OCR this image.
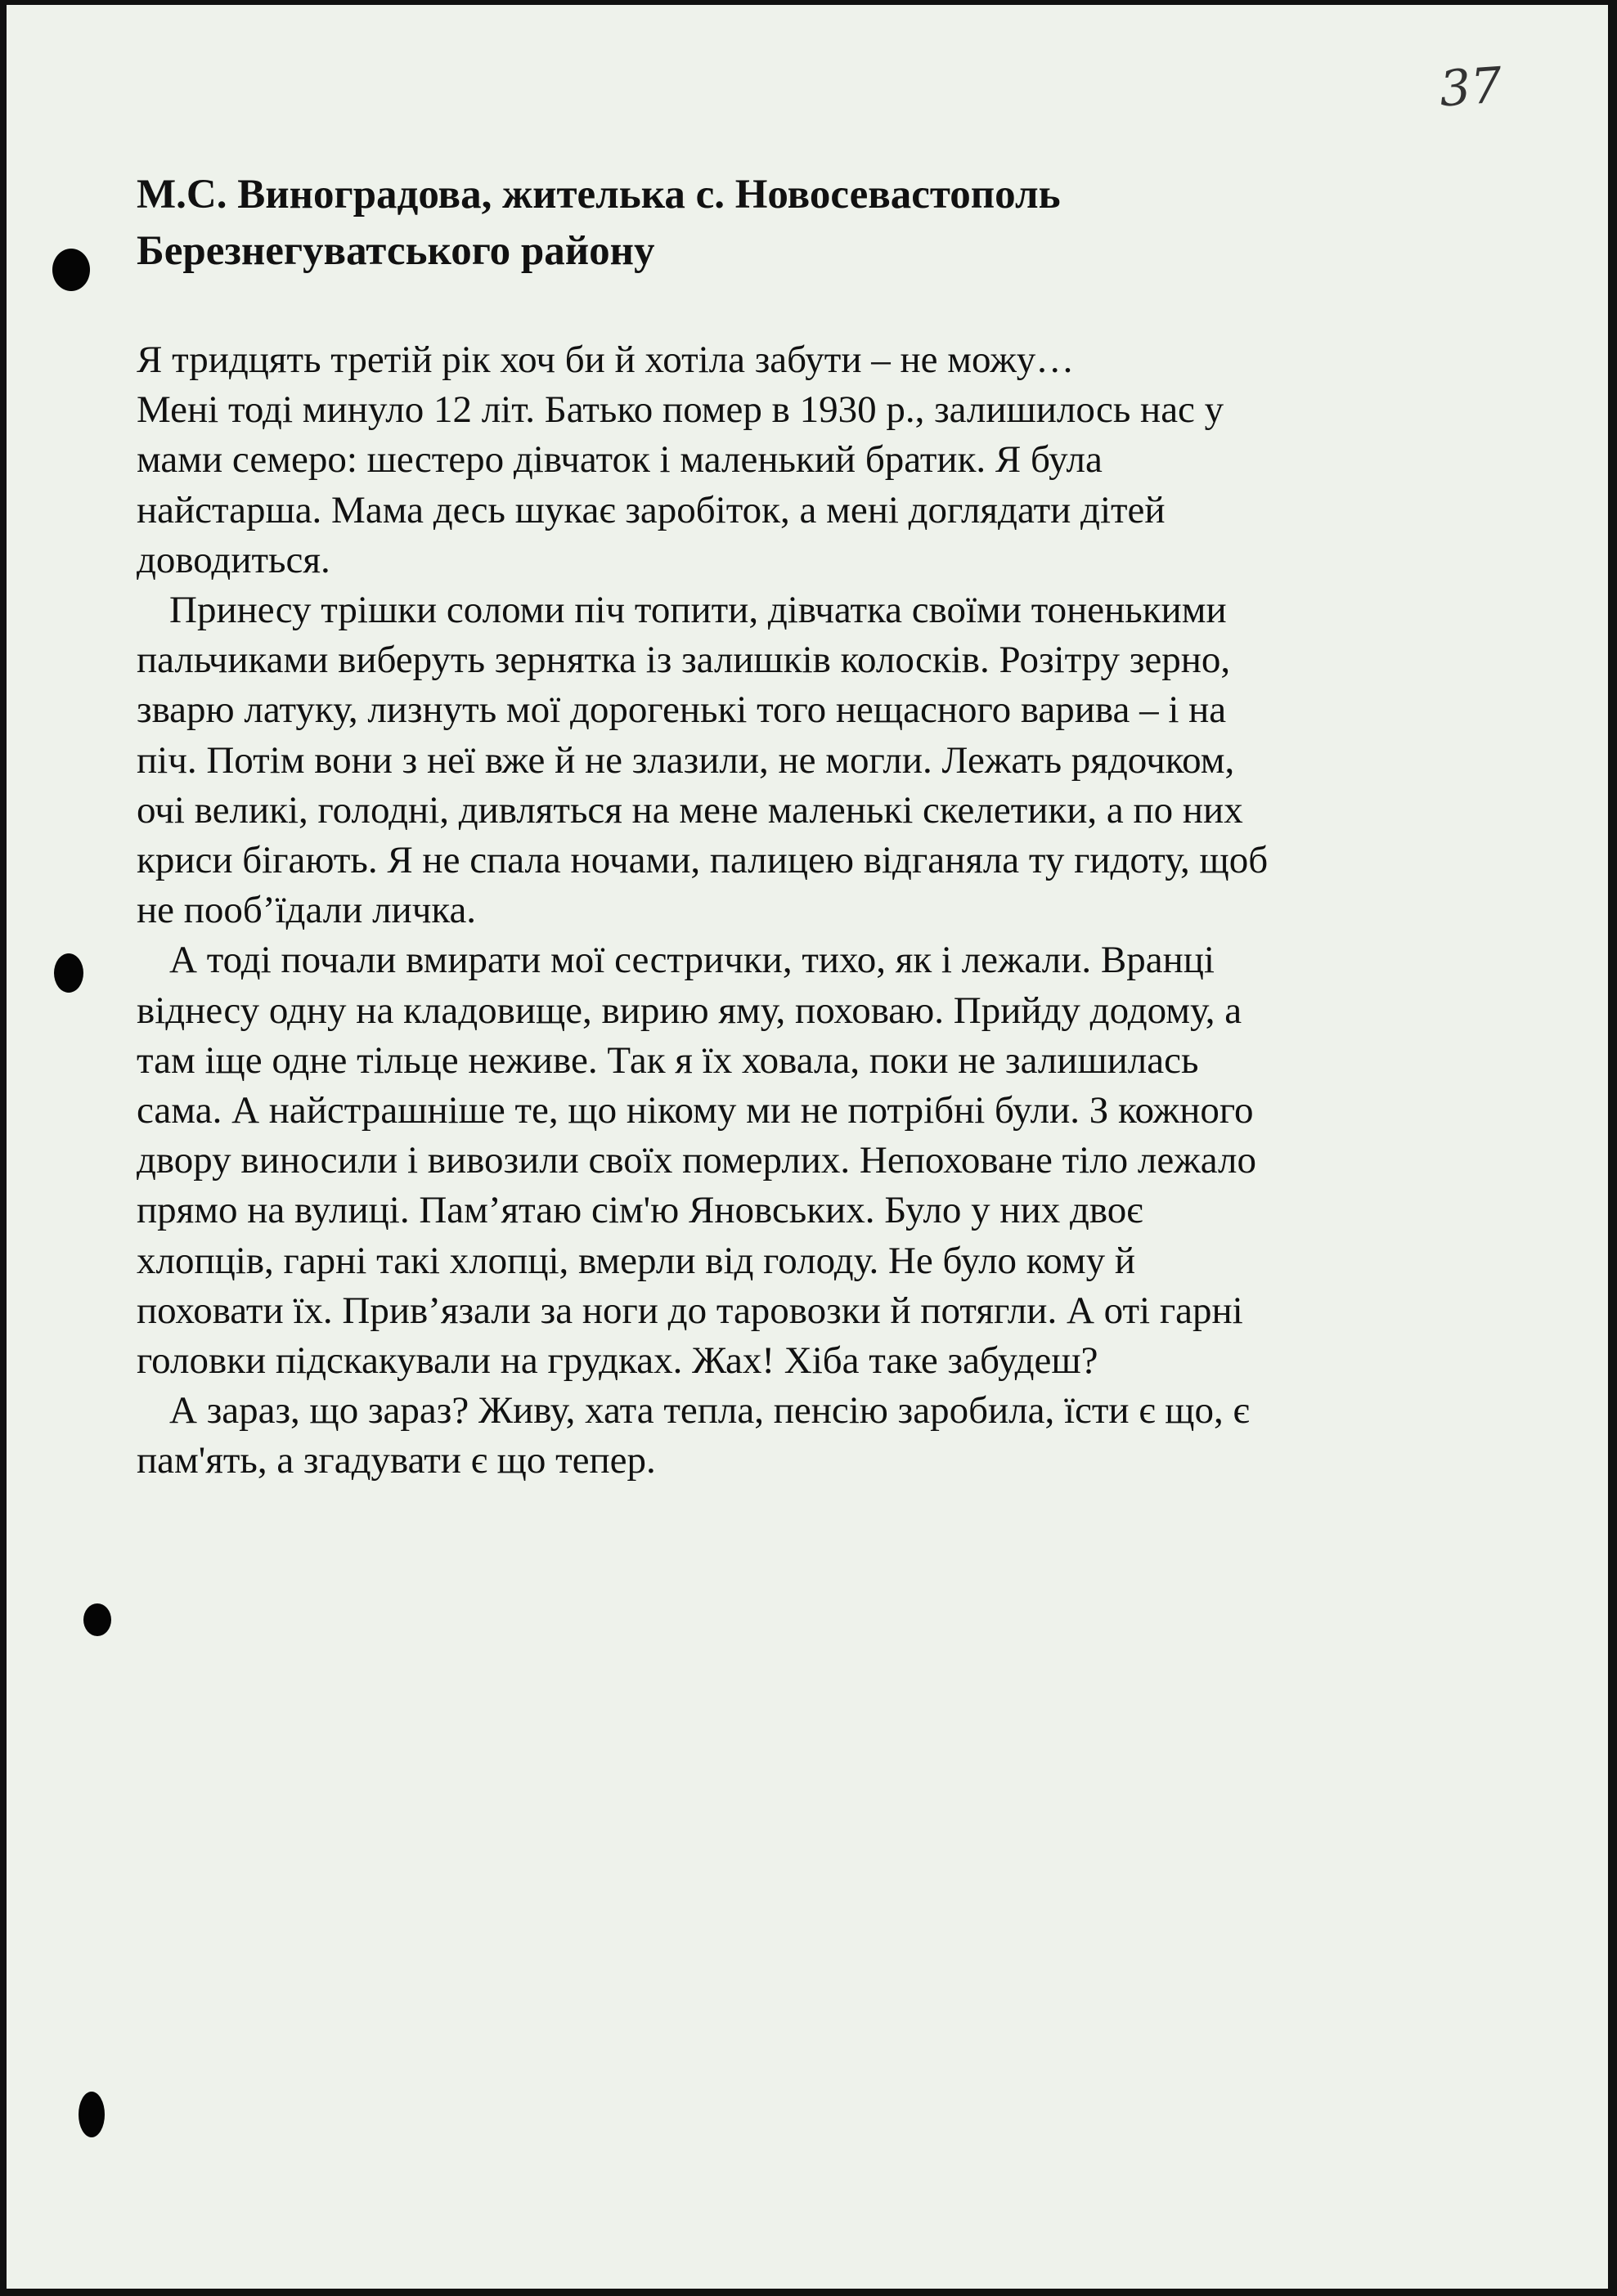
37
М.С. Виноградова, жителька с. Новосевастополь
Березнегуватського району
Я тридцять третій рік хоч би й хотіла забути – не можу…
Мені тоді минуло 12 літ. Батько помер в 1930 р., залишилось нас у
мами семеро: шестеро дівчаток і маленький братик. Я була
найстарша. Мама десь шукає заробіток, а мені доглядати дітей
доводиться.
Принесу трішки соломи піч топити, дівчатка своїми тоненькими
пальчиками виберуть зернятка із залишків колосків. Розітру зерно,
зварю латуку, лизнуть мої дорогенькі того нещасного варива – і на
піч. Потім вони з неї вже й не злазили, не могли. Лежать рядочком,
очі великі, голодні, дивляться на мене маленькі скелетики, а по них
криси бігають. Я не спала ночами, палицею відганяла ту гидоту, щоб
не пооб’їдали личка.
А тоді почали вмирати мої сестрички, тихо, як і лежали. Вранці
віднесу одну на кладовище, вирию яму, поховаю. Прийду додому, а
там іще одне тільце неживе. Так я їх ховала, поки не залишилась
сама. А найстрашніше те, що нікому ми не потрібні були. З кожного
двору виносили і вивозили своїх померлих. Непоховане тіло лежало
прямо на вулиці. Пам’ятаю сім'ю Яновських. Було у них двоє
хлопців, гарні такі хлопці, вмерли від голоду. Не було кому й
поховати їх. Прив’язали за ноги до таровозки й потягли. А оті гарні
головки підскакували на грудках. Жах! Хіба таке забудеш?
А зараз, що зараз? Живу, хата тепла, пенсію заробила, їсти є що, є
пам'ять, а згадувати є що тепер.
